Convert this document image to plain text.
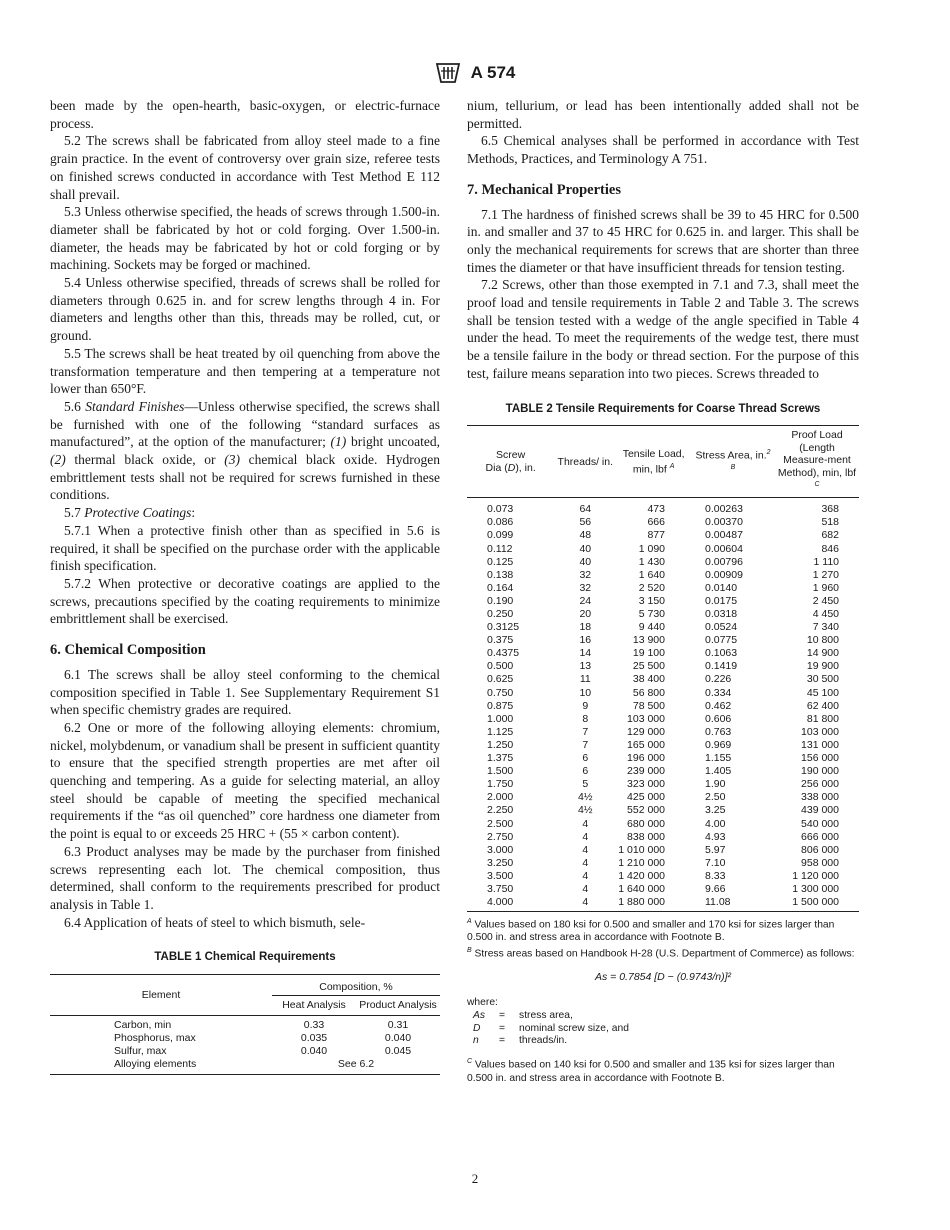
A 574

been made by the open-hearth, basic-oxygen, or electric-furnace process.

5.2 The screws shall be fabricated from alloy steel made to a fine grain practice. In the event of controversy over grain size, referee tests on finished screws conducted in accordance with Test Method E 112 shall prevail.

5.3 Unless otherwise specified, the heads of screws through 1.500-in. diameter shall be fabricated by hot or cold forging. Over 1.500-in. diameter, the heads may be fabricated by hot or cold forging or by machining. Sockets may be forged or machined.

5.4 Unless otherwise specified, threads of screws shall be rolled for diameters through 0.625 in. and for screw lengths through 4 in. For diameters and lengths other than this, threads may be rolled, cut, or ground.

5.5 The screws shall be heat treated by oil quenching from above the transformation temperature and then tempering at a temperature not lower than 650°F.

5.6 Standard Finishes—Unless otherwise specified, the screws shall be furnished with one of the following “standard surfaces as manufactured”, at the option of the manufacturer; (1) bright uncoated, (2) thermal black oxide, or (3) chemical black oxide. Hydrogen embrittlement tests shall not be required for screws furnished in these conditions.

5.7 Protective Coatings:

5.7.1 When a protective finish other than as specified in 5.6 is required, it shall be specified on the purchase order with the applicable finish specification.

5.7.2 When protective or decorative coatings are applied to the screws, precautions specified by the coating requirements to minimize embrittlement shall be exercised.

6. Chemical Composition

6.1 The screws shall be alloy steel conforming to the chemical composition specified in Table 1. See Supplementary Requirement S1 when specific chemistry grades are required.

6.2 One or more of the following alloying elements: chromium, nickel, molybdenum, or vanadium shall be present in sufficient quantity to ensure that the specified strength properties are met after oil quenching and tempering. As a guide for selecting material, an alloy steel should be capable of meeting the specified mechanical requirements if the “as oil quenched” core hardness one diameter from the point is equal to or exceeds 25 HRC + (55 × carbon content).

6.3 Product analyses may be made by the purchaser from finished screws representing each lot. The chemical composition, thus determined, shall conform to the requirements prescribed for product analysis in Table 1.

6.4 Application of heats of steel to which bismuth, sele-

TABLE 1 Chemical Requirements

Element	Composition, %	
	Heat Analysis	Product Analysis
Carbon, min	0.33	0.31
Phosphorus, max	0.035	0.040
Sulfur, max	0.040	0.045
Alloying elements	See 6.2	

nium, tellurium, or lead has been intentionally added shall not be permitted.

6.5 Chemical analyses shall be performed in accordance with Test Methods, Practices, and Terminology A 751.

7. Mechanical Properties

7.1 The hardness of finished screws shall be 39 to 45 HRC for 0.500 in. and smaller and 37 to 45 HRC for 0.625 in. and larger. This shall be only the mechanical requirements for screws that are shorter than three times the diameter or that have insufficient threads for tension testing.

7.2 Screws, other than those exempted in 7.1 and 7.3, shall meet the proof load and tensile requirements in Table 2 and Table 3. The screws shall be tension tested with a wedge of the angle specified in Table 4 under the head. To meet the requirements of the wedge test, there must be a tensile failure in the body or thread section. For the purpose of this test, failure means separation into two pieces. Screws threaded to

TABLE 2 Tensile Requirements for Coarse Thread Screws

Screw
Dia (D), in.	Threads/ in.	Tensile Load, min, lbf $^A$	Stress Area, in.$^{2 B}$	Proof Load (Length Measure-ment Method), min, lbf $^C$
0.073	64	473	0.00263	368
0.086	56	666	0.00370	518
0.099	48	877	0.00487	682
0.112	40	1 090	0.00604	846
0.125	40	1 430	0.00796	1 110
0.138	32	1 640	0.00909	1 270
0.164	32	2 520	0.0140	1 960
0.190	24	3 150	0.0175	2 450
0.250	20	5 730	0.0318	4 450
0.3125	18	9 440	0.0524	7 340
0.375	16	13 900	0.0775	10 800
0.4375	14	19 100	0.1063	14 900
0.500	13	25 500	0.1419	19 900
0.625	11	38 400	0.226	30 500
0.750	10	56 800	0.334	45 100
0.875	9	78 500	0.462	62 400
1.000	8	103 000	0.606	81 800
1.125	7	129 000	0.763	103 000
1.250	7	165 000	0.969	131 000
1.375	6	196 000	1.155	156 000
1.500	6	239 000	1.405	190 000
1.750	5	323 000	1.90	256 000
2.000	4½	425 000	2.50	338 000
2.250	4½	552 000	3.25	439 000
2.500	4	680 000	4.00	540 000
2.750	4	838 000	4.93	666 000
3.000	4	1 010 000	5.97	806 000
3.250	4	1 210 000	7.10	958 000
3.500	4	1 420 000	8.33	1 120 000
3.750	4	1 640 000	9.66	1 300 000
4.000	4	1 880 000	11.08	1 500 000

$^A$ Values based on 180 ksi for 0.500 and smaller and 170 ksi for sizes larger than 0.500 in. and stress area in accordance with Footnote B.

$^B$ Stress areas based on Handbook H-28 (U.S. Department of Commerce) as follows:

As = 0.7854 [D − (0.9743/n)]²

where:

As	=	stress area,
D	=	nominal screw size, and
n	=	threads/in.

$^C$ Values based on 140 ksi for 0.500 and smaller and 135 ksi for sizes larger than 0.500 in. and stress area in accordance with Footnote B.

2
